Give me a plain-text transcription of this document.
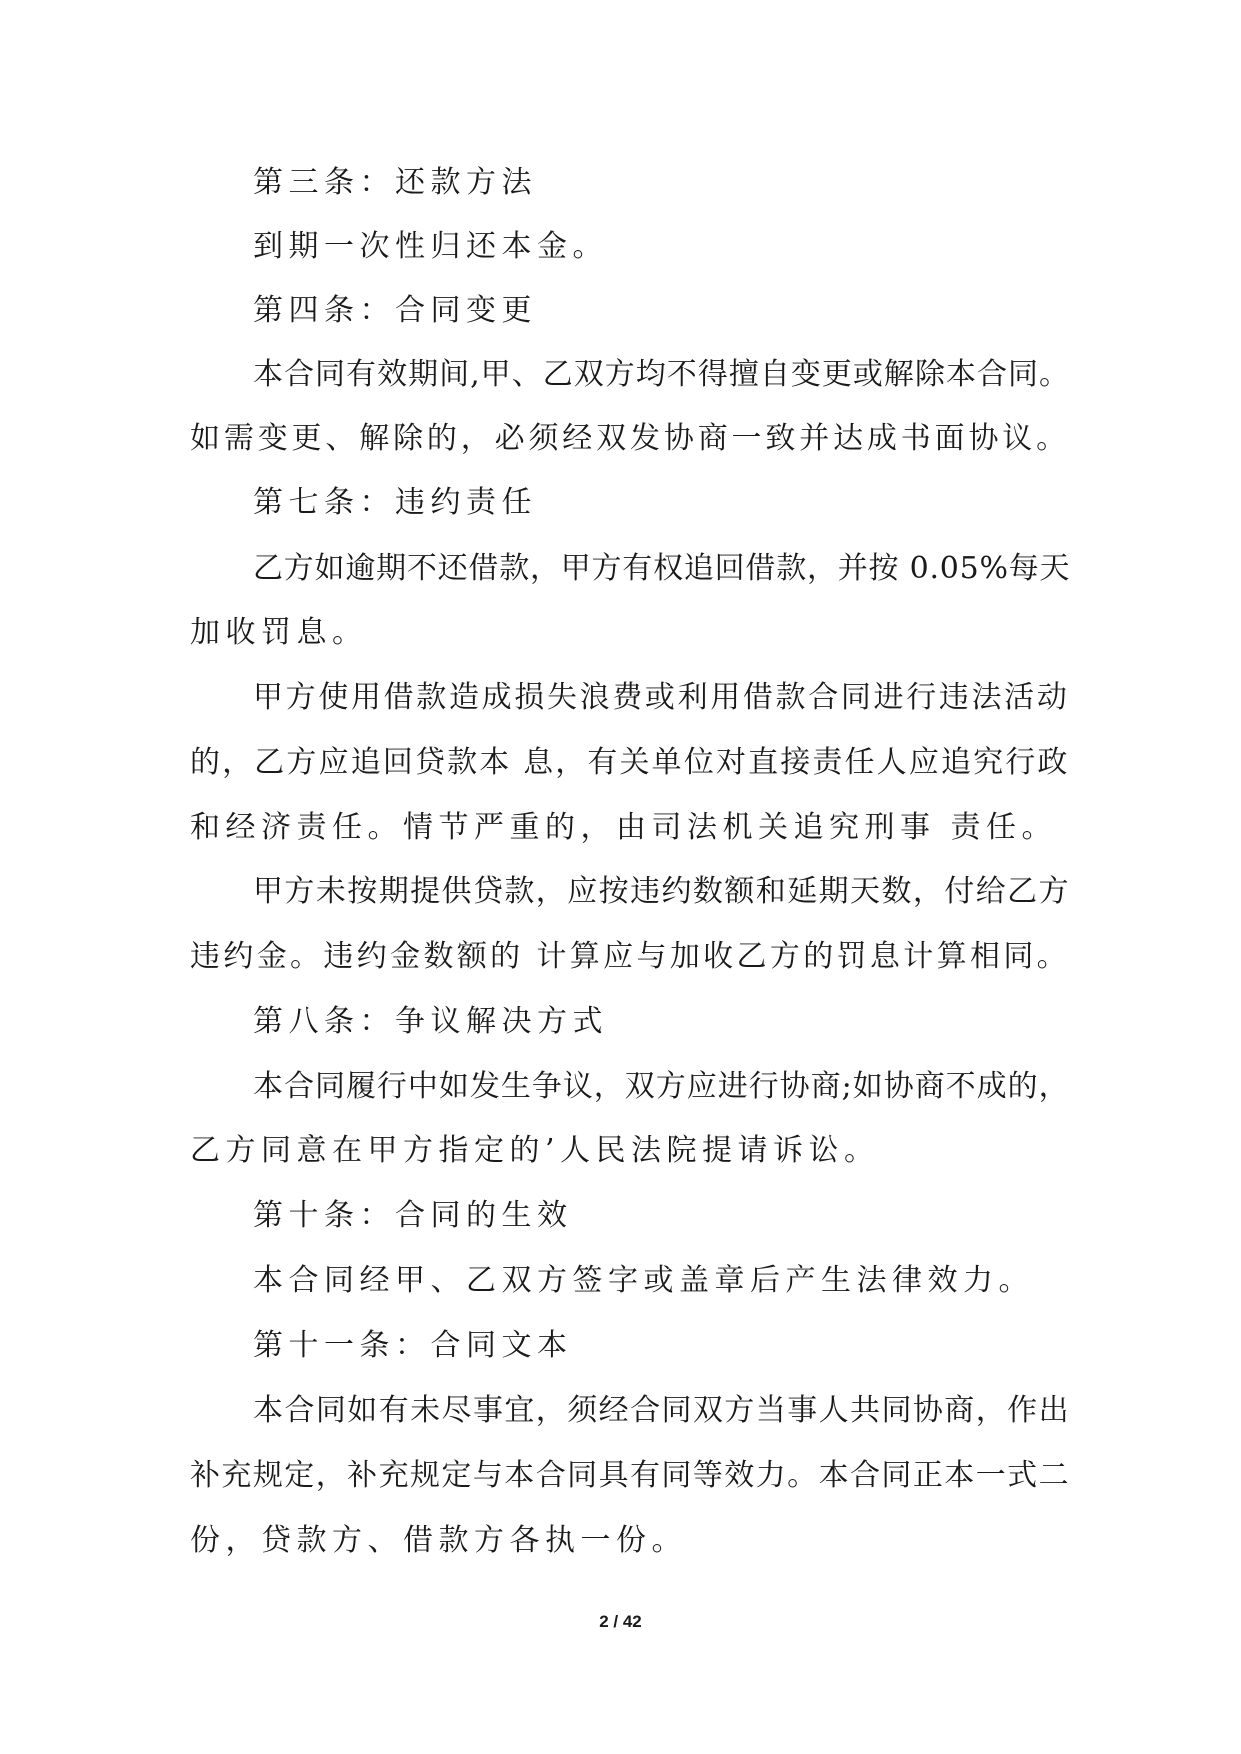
第三条：还款方法
到期一次性归还本金。
第四条：合同变更
本合同有效期间,甲、乙双方均不得擅自变更或解除本合同。
如需变更、解除的，必须经双发协商一致并达成书面协议。
第七条：违约责任
乙方如逾期不还借款，甲方有权追回借款，并按 0.05%每天
加收罚息。
甲方使用借款造成损失浪费或利用借款合同进行违法活动
的，乙方应追回贷款本 息，有关单位对直接责任人应追究行政
和经济责任。情节严重的，由司法机关追究刑事 责任。
甲方未按期提供贷款，应按违约数额和延期天数，付给乙方
违约金。违约金数额的 计算应与加收乙方的罚息计算相同。
第八条：争议解决方式
本合同履行中如发生争议，双方应进行协商;如协商不成的，
乙方同意在甲方指定的’人民法院提请诉讼。
第十条：合同的生效
本合同经甲、乙双方签字或盖章后产生法律效力。
第十一条：合同文本
本合同如有未尽事宜，须经合同双方当事人共同协商，作出
补充规定，补充规定与本合同具有同等效力。本合同正本一式二
份，贷款方、借款方各执一份。
2 / 42
